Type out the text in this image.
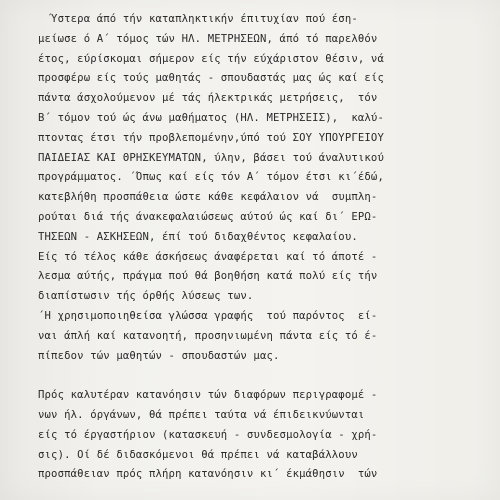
Ύστερα άπό τήν καταπληκτικήν έπιτυχίαν πού έση-
μείωσε ό Α΄ τόμος τών ΗΛ. ΜΕΤΡΗΣΕΩΝ, άπό τό παρελθόν
έτος, εύρίσκομαι σήμερον είς τήν εύχάριστον θέσιν, νά
προσφέρω είς τούς μαθητάς - σπουδαστάς μας ώς καί είς
πάντα άσχολούμενον μέ τάς ήλεκτρικάς μετρήσεις,  τόν
Β΄ τόμον τού ώς άνω μαθήματος (ΗΛ. ΜΕΤΡΗΣΕΙΣ),  καλύ-
πτοντας έτσι τήν προβλεπομένην,ύπό τού ΣΟΥ ΥΠΟΥΡΓΕΙΟΥ
ΠΑΙΔΕΙΑΣ ΚΑΙ ΘΡΗΣΚΕΥΜΑΤΩΝ, ύλην, βάσει τού άναλυτικού
προγράμματος. ΄Όπως καί είς τόν Α΄ τόμον έτσι κι΄έδώ,
κατεβλήθη προσπάθεια ώστε κάθε κεφάλαιον νά  συμπλη-
ρούται διά τής άνακεφαλαιώσεως αύτού ώς καί δι΄ ΕΡΩ-
ΤΗΣΕΩΝ - ΑΣΚΗΣΕΩΝ, έπί τού διδαχθέντος κεφαλαίου.
Είς τό τέλος κάθε άσκήσεως άναφέρεται καί τό άποτέ -
λεσμα αύτής, πράγμα πού θά βοηθήση κατά πολύ είς τήν
διαπίστωσιν τής όρθής λύσεως των.
΄Η χρησιμοποιηθείσα γλώσσα γραφής  τού παρόντος  εί-
ναι άπλή καί κατανοητή, προσηνιωμένη πάντα είς τό έ-
πίπεδον τών μαθητών - σπουδαστών μας.
Πρός καλυτέραν κατανόησιν τών διαφόρων περιγραφομέ -
νων ήλ. όργάνων, θά πρέπει ταύτα νά έπιδεικνύωνται
είς τό έργαστήριον (κατασκευή - συνδεσμολογία - χρή-
σις). Οί δέ διδασκόμενοι θά πρέπει νά καταβάλλουν
προσπάθειαν πρός πλήρη κατανόησιν κι΄ έκμάθησιν  τών
